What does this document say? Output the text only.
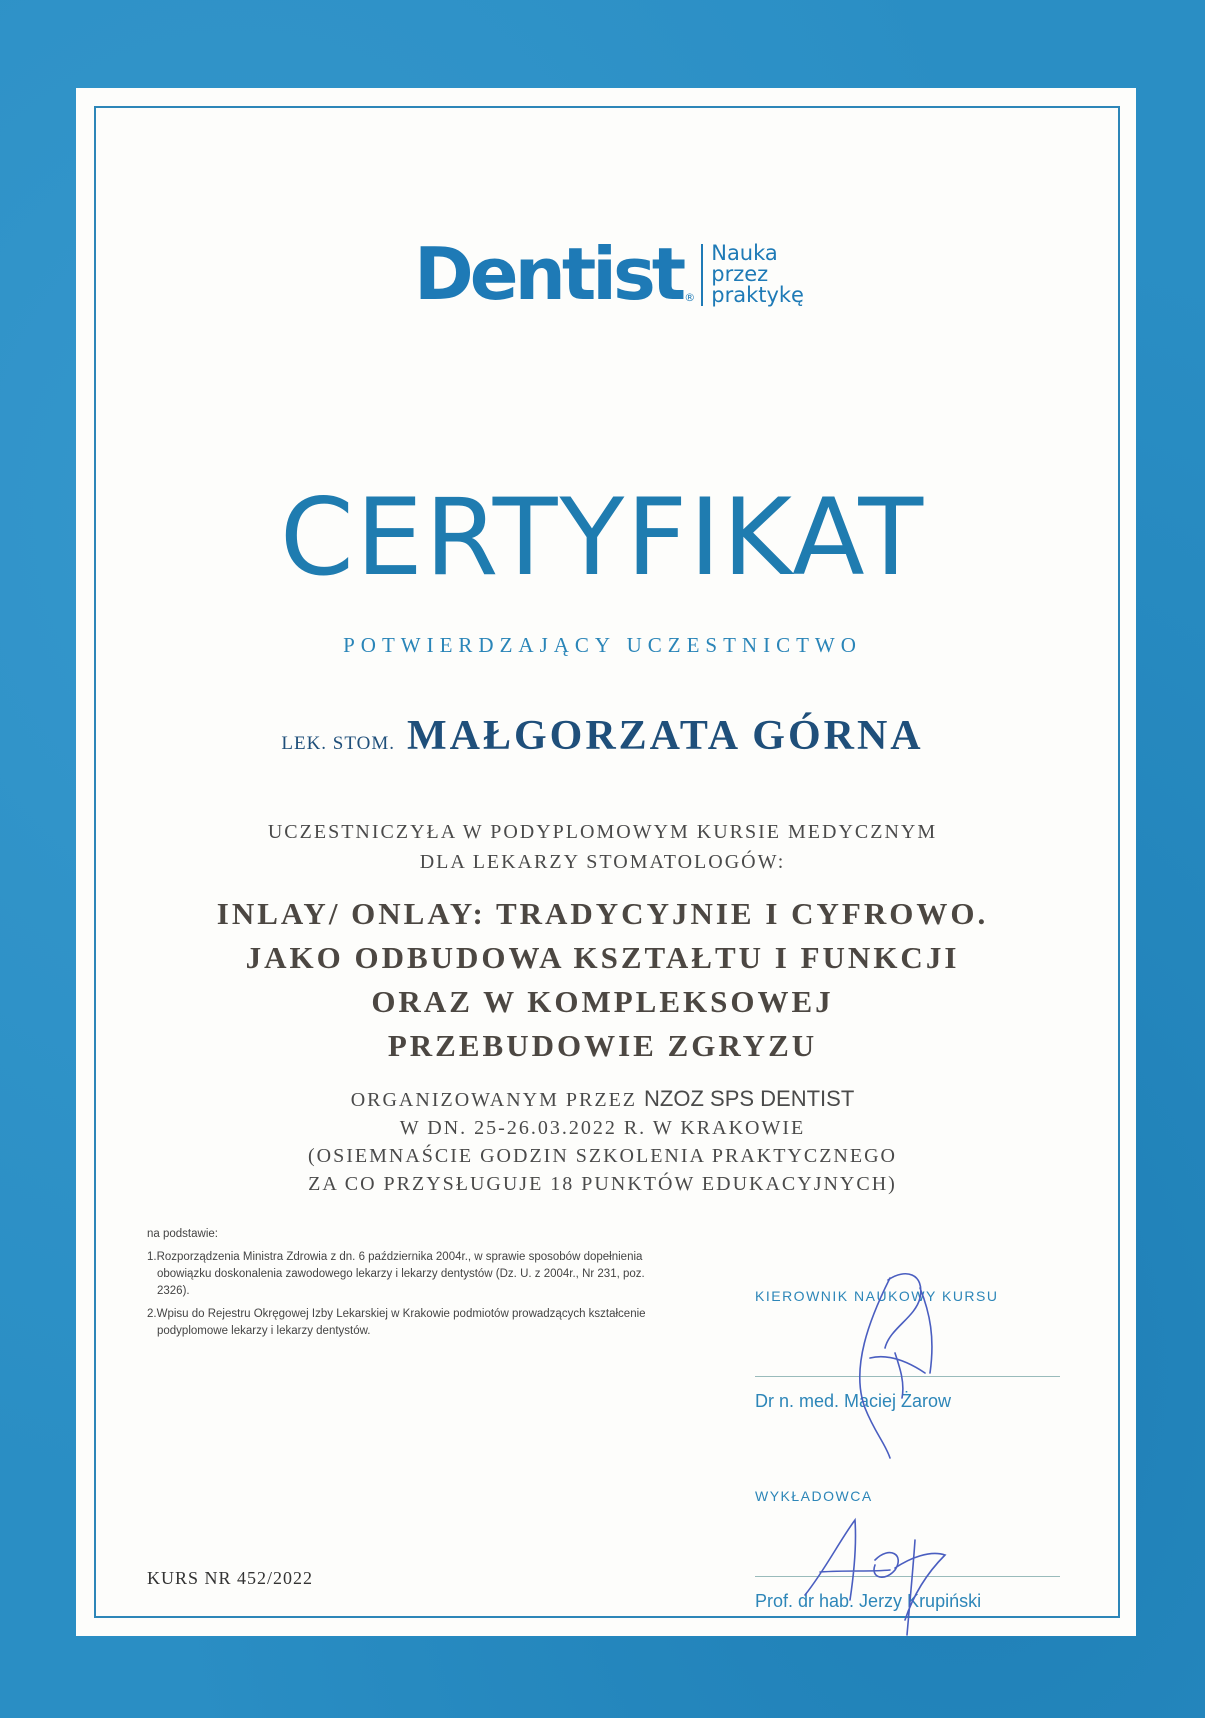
Dentist ®
Nauka
przez
praktykę
CERTYFIKAT
POTWIERDZAJĄCY UCZESTNICTWO
LEK. STOM. MAŁGORZATA GÓRNA
UCZESTNICZYŁA W PODYPLOMOWYM KURSIE MEDYCZNYM
DLA LEKARZY STOMATOLOGÓW:
INLAY/ ONLAY: TRADYCYJNIE I CYFROWO.
JAKO ODBUDOWA KSZTAŁTU I FUNKCJI
ORAZ W KOMPLEKSOWEJ
PRZEBUDOWIE ZGRYZU
ORGANIZOWANYM PRZEZ NZOZ SPS DENTIST
W DN. 25-26.03.2022 R. W KRAKOWIE
(OSIEMNAŚCIE GODZIN SZKOLENIA PRAKTYCZNEGO
ZA CO PRZYSŁUGUJE 18 PUNKTÓW EDUKACYJNYCH)

na podstawie:

1.Rozporządzenia Ministra Zdrowia z dn. 6 października 2004r., w sprawie sposobów dopełnienia obowiązku doskonalenia zawodowego lekarzy i lekarzy dentystów (Dz. U. z 2004r., Nr 231, poz. 2326).

2.Wpisu do Rejestru Okręgowej Izby Lekarskiej w Krakowie podmiotów prowadzących kształcenie podyplomowe lekarzy i lekarzy dentystów.

KIEROWNIK NAUKOWY KURSU
Dr n. med. Maciej Żarow
WYKŁADOWCA
Prof. dr hab. Jerzy Krupiński
KURS NR 452/2022
